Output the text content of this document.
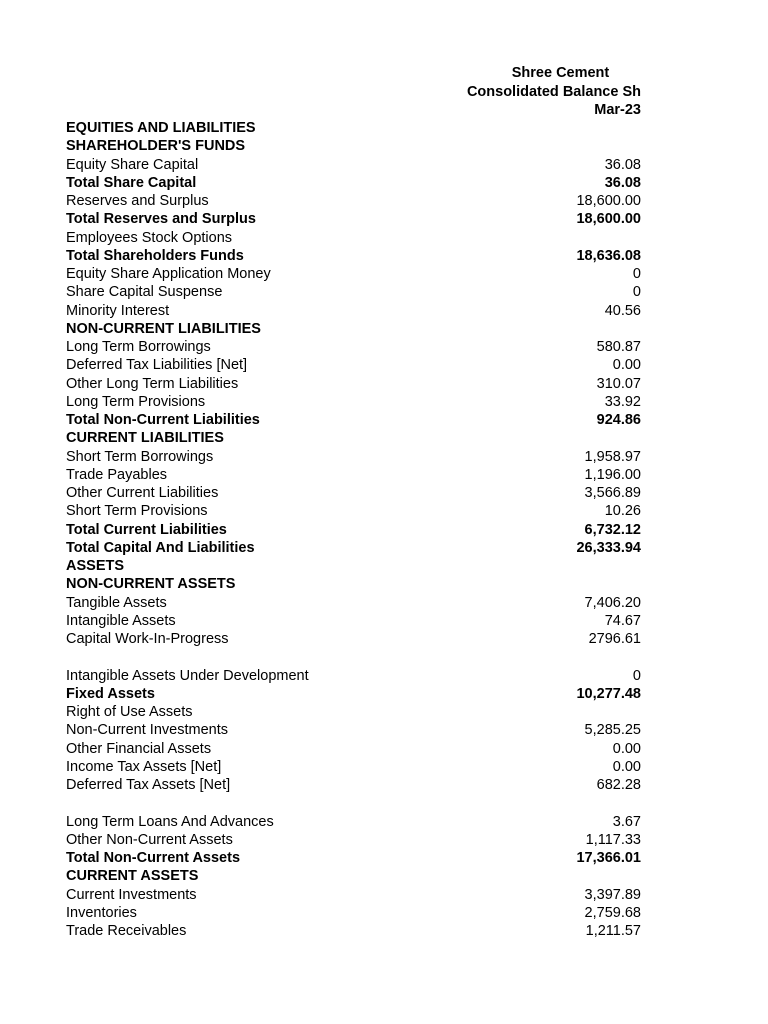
Shree Cement
Consolidated Balance Sh
Mar-23
EQUITIES AND LIABILITIES
SHAREHOLDER'S FUNDS
Equity Share Capital	36.08
Total Share Capital	36.08
Reserves and Surplus	18,600.00
Total Reserves and Surplus	18,600.00
Employees Stock Options
Total Shareholders Funds	18,636.08
Equity Share Application Money	0
Share Capital Suspense	0
Minority Interest	40.56
NON-CURRENT LIABILITIES
Long Term Borrowings	580.87
Deferred Tax Liabilities [Net]	0.00
Other Long Term Liabilities	310.07
Long Term Provisions	33.92
Total Non-Current Liabilities	924.86
CURRENT LIABILITIES
Short Term Borrowings	1,958.97
Trade Payables	1,196.00
Other Current Liabilities	3,566.89
Short Term Provisions	10.26
Total Current Liabilities	6,732.12
Total Capital And Liabilities	26,333.94
ASSETS
NON-CURRENT ASSETS
Tangible Assets	7,406.20
Intangible Assets	74.67
Capital Work-In-Progress	2796.61
Intangible Assets Under Development	0
Fixed Assets	10,277.48
Right of Use Assets
Non-Current Investments	5,285.25
Other Financial Assets	0.00
Income Tax Assets [Net]	0.00
Deferred Tax Assets [Net]	682.28
Long Term Loans And Advances	3.67
Other Non-Current Assets	1,117.33
Total Non-Current Assets	17,366.01
CURRENT ASSETS
Current Investments	3,397.89
Inventories	2,759.68
Trade Receivables	1,211.57
